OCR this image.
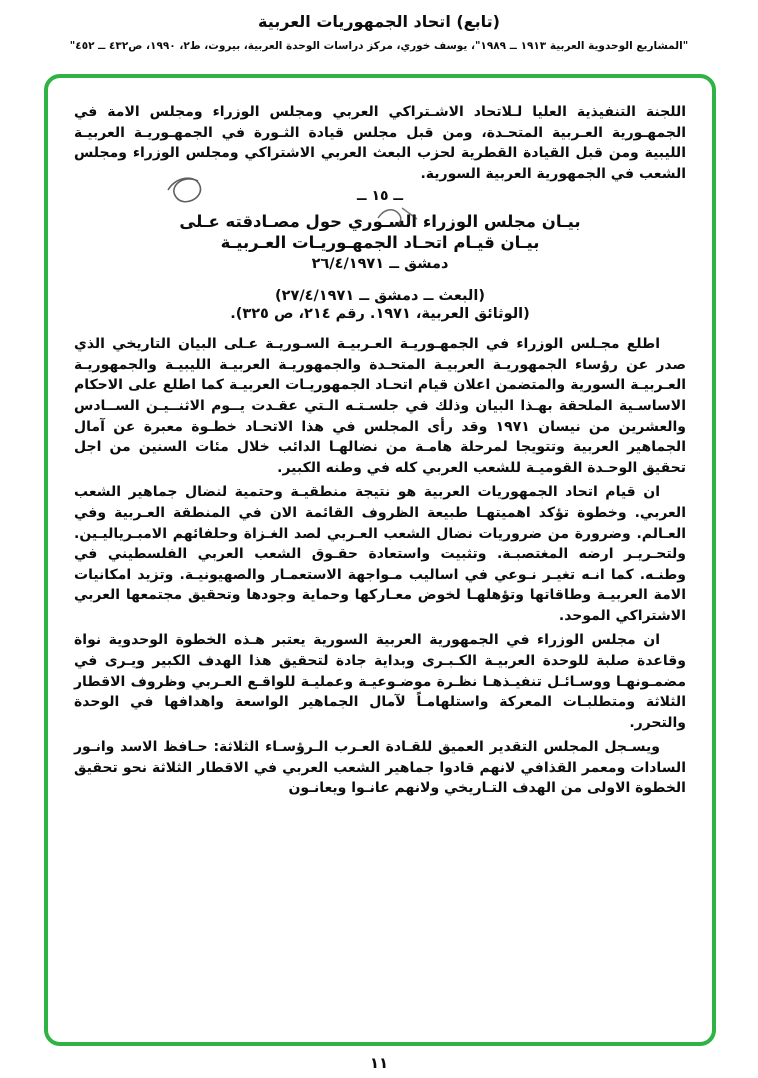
(تابع) اتحاد الجمهوريات العربية
"المشاريع الوحدوية العربية ١٩١٣ ــ ١٩٨٩"، يوسف خوري، مركز دراسات الوحدة العربية، بيروت، ط٢، ١٩٩٠، ص٤٣٢ ــ ٤٥٢"

اللجنة التنفيذية العليا لـلاتحاد الاشـتراكي العربي ومجلس الوزراء ومجلس الامة في الجمهـورية العـربية المتحـدة، ومن قبل مجلس قيادة الثـورة في الجمهـوريـة العربيـة الليبية ومن قبل القيادة القطرية لحزب البعث العربي الاشتراكي ومجلس الوزراء ومجلس الشعب في الجمهورية العربية السورية.

ــ ١٥ ــ
بيـان مجلس الوزراء السـوري حول مصـادقته عـلى
بيـان قيـام اتحـاد الجمهـوريـات العـربيـة
دمشق ــ ٢٦/٤/١٩٧١
(البعث ــ دمشق ــ ٢٧/٤/١٩٧١)
(الوثائق العربية، ١٩٧١. رقم ٢١٤، ص ٣٢٥).

اطلع مجـلس الوزراء في الجمهـوريـة العـربيـة السـوريـة عـلى البيان التاريخي الذي صدر عن رؤساء الجمهوريـة العربيـة المتحـدة والجمهوريـة العربيـة الليبيـة والجمهوريـة العـربيـة السورية والمتضمن اعلان قيام اتحـاد الجمهوريـات العربيـة كما اطلع على الاحكام الاساسـية الملحقة بهـذا البيان وذلك في جلسـتـه الـتي عقـدت يــوم الاثنــيـن الســادس والعشرين من نيسان ١٩٧١ وقد رأى المجلس في هذا الاتحـاد خطـوة معبرة عن آمال الجماهير العربية وتتويجا لمرحلة هامـة من نضالهـا الدائب خلال مئات السنين من اجل تحقيق الوحـدة القوميـة للشعب العربي كله في وطنه الكبير.

ان قيام اتحاد الجمهوريات العربية هو نتيجة منطقيـة وحتمية لنضال جماهير الشعب العربي. وخطوة تؤكد اهميتهـا طبيعة الظروف القائمة الان في المنطقة العـربية وفي العـالم. وضرورة من ضروريات نضال الشعب العـربي لصد الغـزاة وحلفائهم الامبـرياليـين. ولتحـريـر ارضه المغتصبـة. وتثبيت واستعادة حقـوق الشعب العربي الفلسطيني في وطنـه. كما انـه تغيـر نـوعي في اساليب مـواجهة الاستعمـار والصهيونيـة. وتزيد امكانيات الامة العربيـة وطاقاتها وتؤهلهـا لخوض معـاركها وحماية وجودها وتحقيق مجتمعها العربي الاشتراكي الموحد.

ان مجلس الوزراء في الجمهورية العربية السورية يعتبر هـذه الخطوة الوحدوية نواة وقاعدة صلبة للوحدة العربيـة الكـبـرى وبداية جادة لتحقيق هذا الهدف الكبير ويـرى في مضمـونهـا ووسـائـل تنفيـذهـا نظـرة موضـوعيـة وعمليـة للواقـع العـربي وظروف الاقطار الثلاثة ومتطلبـات المعركة واستلهامـاً لآمال الجماهير الواسعة واهدافها في الوحدة والتحرر.

ويسـجل المجلس التقدير العميق للقـادة العـرب الـرؤسـاء الثلاثة: حـافظ الاسد وانـور السادات ومعمر القذافي لانهم قادوا جماهير الشعب العربي في الاقطار الثلاثة نحو تحقيق الخطوة الاولى من الهدف التـاريخي ولانهم عانـوا ويعانـون

١١
